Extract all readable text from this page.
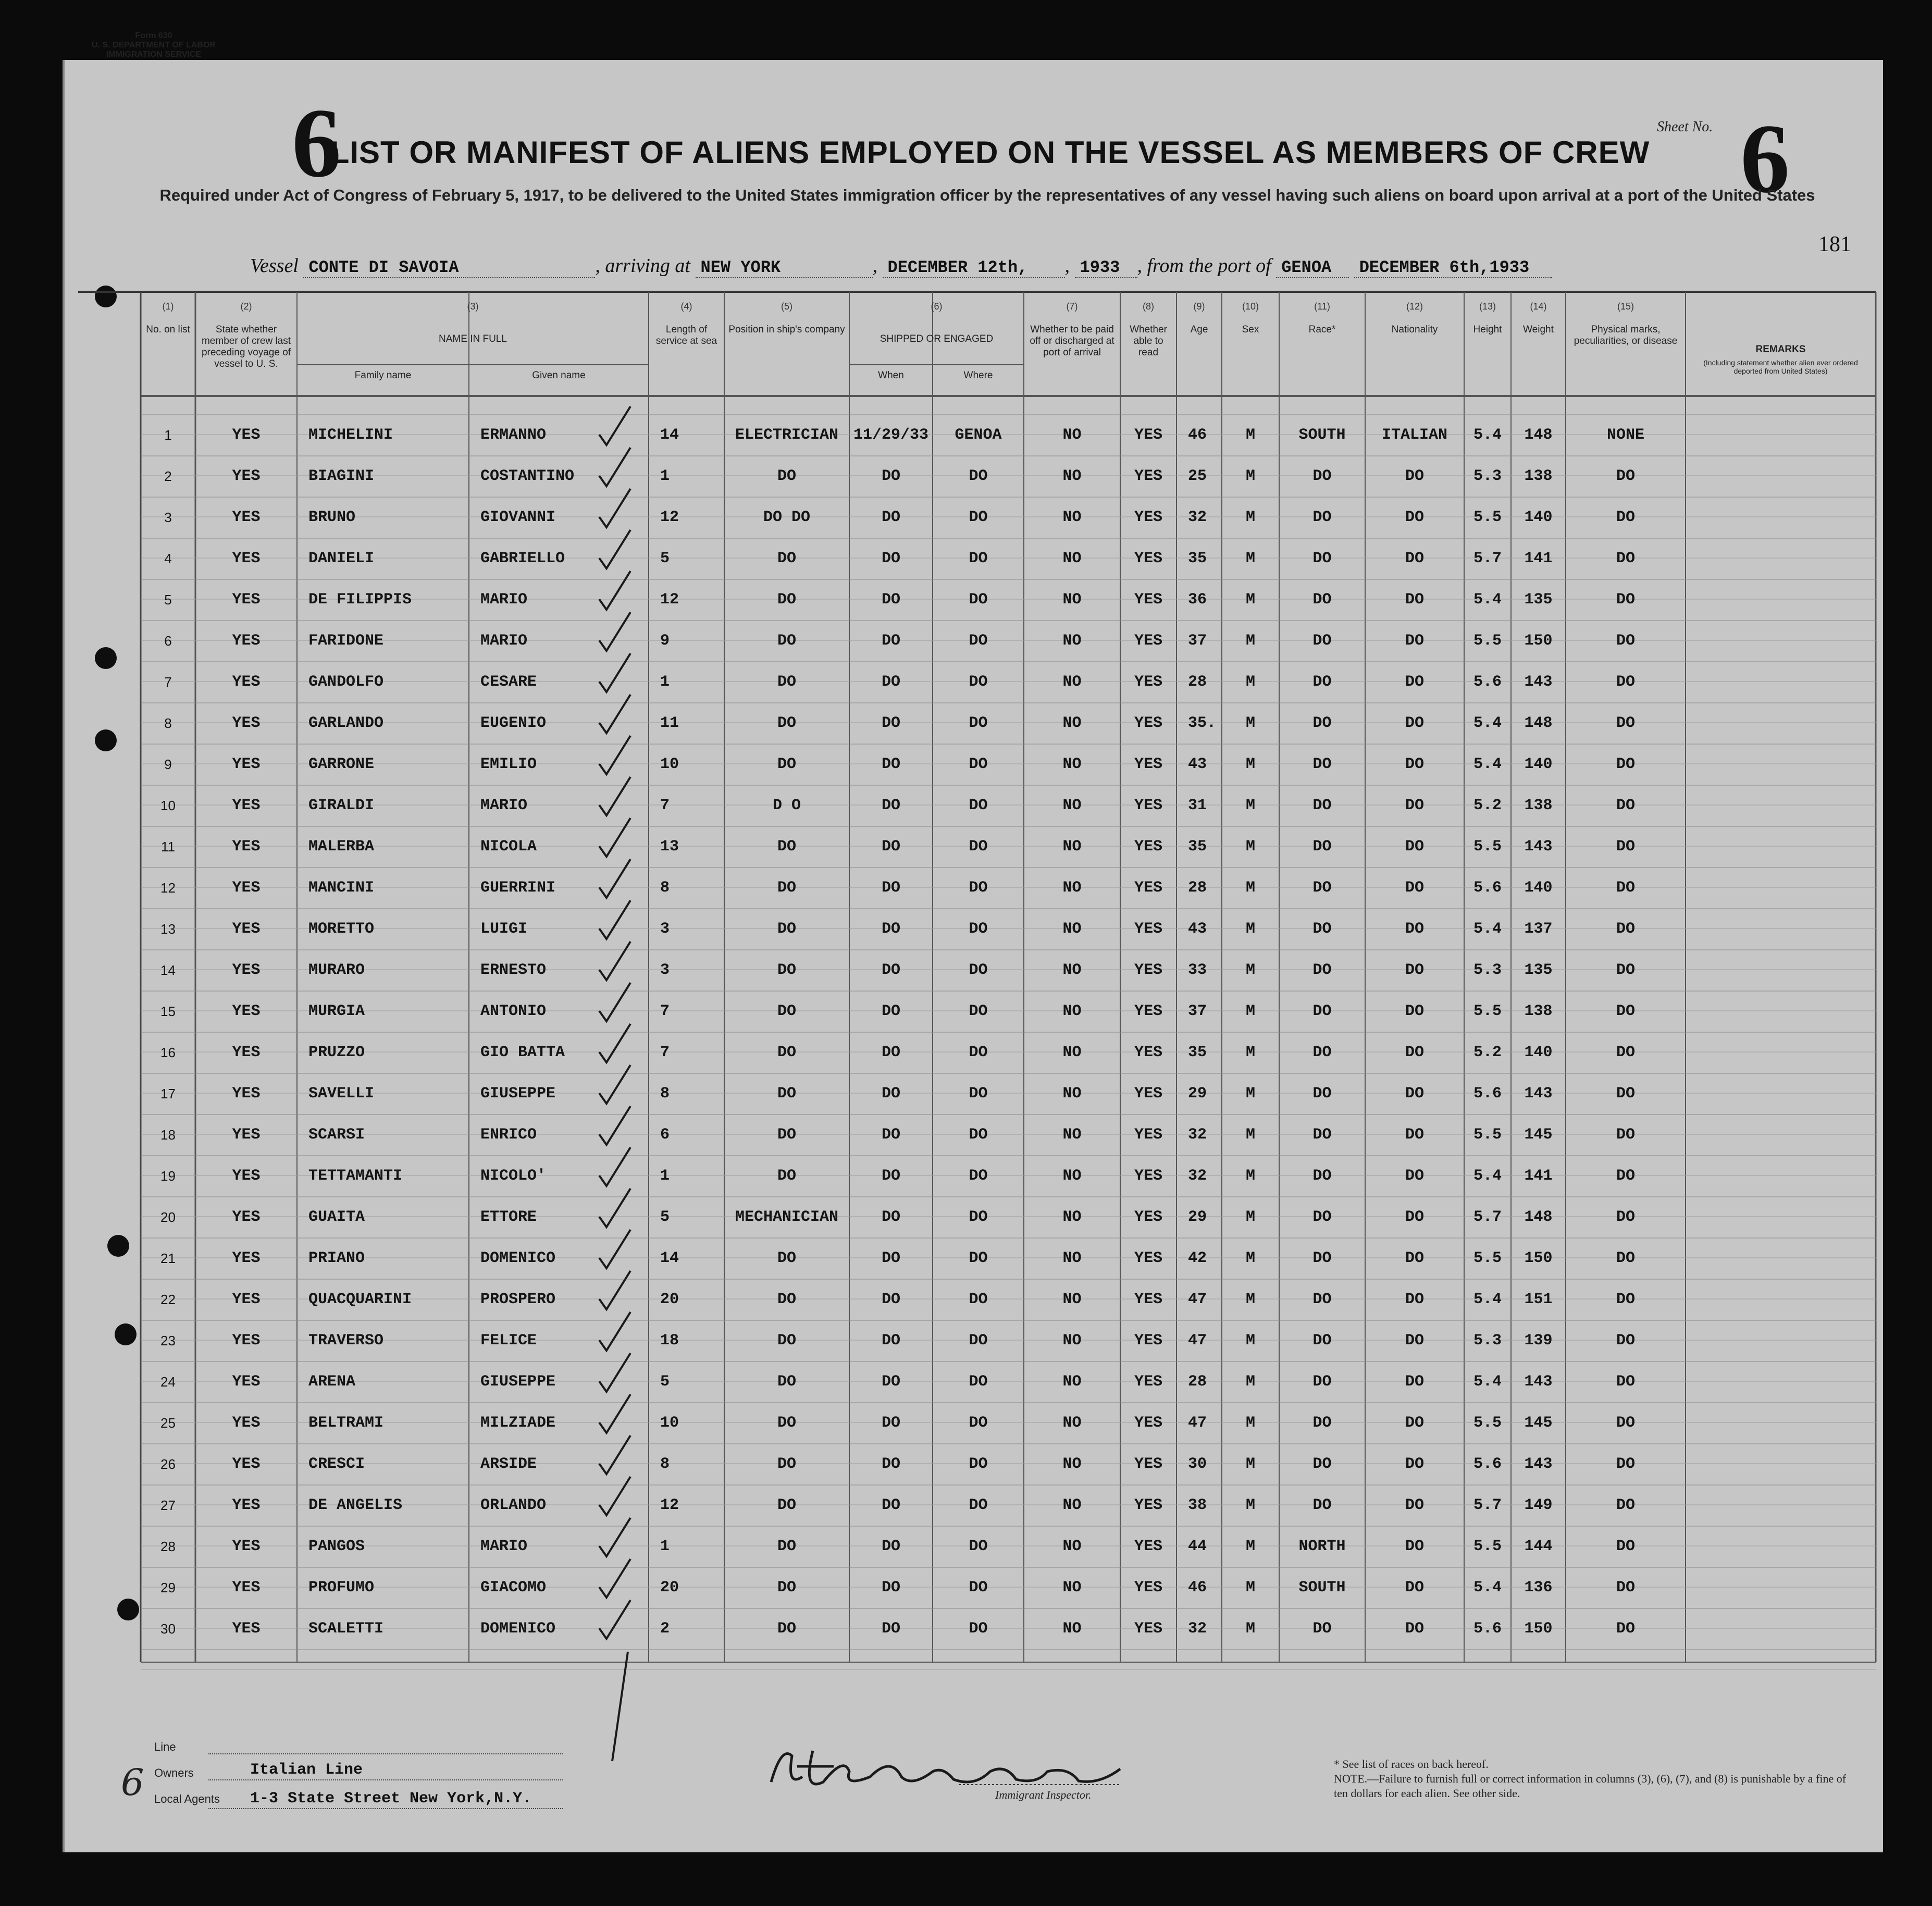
Form 630
U. S. DEPARTMENT OF LABOR
IMMIGRATION SERVICE
6	6
Sheet No.
181
LIST OR MANIFEST OF ALIENS EMPLOYED ON THE VESSEL AS MEMBERS OF CREW
Required under Act of Congress of February 5, 1917, to be delivered to the United States immigration officer by the representatives of any vessel having such aliens on board upon arrival at a port of the United States
Vessel CONTE DI SAVOIA	, arriving at NEW YORK	, DECEMBER 12th, , 1933 , from the port of GENOA DECEMBER 6th,1933
(1)
No. on list
(2)
State whether member of crew last preceding voyage of vessel to U. S.
(3)
NAME IN FULL
Family name	Given name
(4)
Length of service at sea
(5)
Position in ship's company
(6)
SHIPPED OR ENGAGED
When	Where
(7)
Whether to be paid off or discharged at port of arrival
(8)
Whether able to read
(9)
Age
(10)
Sex
(11)
Race*
(12)
Nationality
(13)
Height
(14)
Weight
(15)
Physical marks, peculiarities, or disease
REMARKS
(Including statement whether alien ever ordered deported from United States)
1	YES	MICHELINI	ERMANNO	14	ELECTRICIAN 11/29/33	GENOA	NO	YES	46	M	SOUTH	ITALIAN	5.4	148	NONE
2	YES	BIAGINI	COSTANTINO	1	DO	DO	DO	NO	YES	25	M	DO	DO	5.3	138	DO
3	YES	BRUNO	GIOVANNI	12	DO DO	DO	DO	NO	YES	32	M	DO	DO	5.5	140	DO
4	YES	DANIELI	GABRIELLO	5	DO	DO	DO	NO	YES	35	M	DO	DO	5.7	141	DO
5	YES	DE FILIPPIS	MARIO	12	DO	DO	DO	NO	YES	36	M	DO	DO	5.4	135	DO
6	YES	FARIDONE	MARIO	9	DO	DO	DO	NO	YES	37	M	DO	DO	5.5	150	DO
7	YES	GANDOLFO	CESARE	1	DO	DO	DO	NO	YES	28	M	DO	DO	5.6	143	DO
8	YES	GARLANDO	EUGENIO	11	DO	DO	DO	NO	YES	35.	M	DO	DO	5.4	148	DO
9	YES	GARRONE	EMILIO	10	DO	DO	DO	NO	YES	43	M	DO	DO	5.4	140	DO
10	YES	GIRALDI	MARIO	7	D O	DO	DO	NO	YES	31	M	DO	DO	5.2	138	DO
11	YES	MALERBA	NICOLA	13	DO	DO	DO	NO	YES	35	M	DO	DO	5.5	143	DO
12	YES	MANCINI	GUERRINI	8	DO	DO	DO	NO	YES	28	M	DO	DO	5.6	140	DO
13	YES	MORETTO	LUIGI	3	DO	DO	DO	NO	YES	43	M	DO	DO	5.4	137	DO
14	YES	MURARO	ERNESTO	3	DO	DO	DO	NO	YES	33	M	DO	DO	5.3	135	DO
15	YES	MURGIA	ANTONIO	7	DO	DO	DO	NO	YES	37	M	DO	DO	5.5	138	DO
16	YES	PRUZZO	GIO BATTA	7	DO	DO	DO	NO	YES	35	M	DO	DO	5.2	140	DO
17	YES	SAVELLI	GIUSEPPE	8	DO	DO	DO	NO	YES	29	M	DO	DO	5.6	143	DO
18	YES	SCARSI	ENRICO	6	DO	DO	DO	NO	YES	32	M	DO	DO	5.5	145	DO
19	YES	TETTAMANTI	NICOLO'	1	DO	DO	DO	NO	YES	32	M	DO	DO	5.4	141	DO
20	YES	GUAITA	ETTORE	5	MECHANICIAN	DO	DO	NO	YES	29	M	DO	DO	5.7	148	DO
21	YES	PRIANO	DOMENICO	14	DO	DO	DO	NO	YES	42	M	DO	DO	5.5	150	DO
22	YES	QUACQUARINI	PROSPERO	20	DO	DO	DO	NO	YES	47	M	DO	DO	5.4	151	DO
23	YES	TRAVERSO	FELICE	18	DO	DO	DO	NO	YES	47	M	DO	DO	5.3	139	DO
24	YES	ARENA	GIUSEPPE	5	DO	DO	DO	NO	YES	28	M	DO	DO	5.4	143	DO
25	YES	BELTRAMI	MILZIADE	10	DO	DO	DO	NO	YES	47	M	DO	DO	5.5	145	DO
26	YES	CRESCI	ARSIDE	8	DO	DO	DO	NO	YES	30	M	DO	DO	5.6	143	DO
27	YES	DE ANGELIS	ORLANDO	12	DO	DO	DO	NO	YES	38	M	DO	DO	5.7	149	DO
28	YES	PANGOS	MARIO	1	DO	DO	DO	NO	YES	44	M	NORTH	DO	5.5	144	DO
29	YES	PROFUMO	GIACOMO	20	DO	DO	DO	NO	YES	46	M	SOUTH	DO	5.4	136	DO
30	YES	SCALETTI	DOMENICO	2	DO	DO	DO	NO	YES	32	M	DO	DO	5.6	150	DO
Line
Owners	Italian Line
Local Agents 1-3 State Street New York,N.Y.
6	Immigrant Inspector.
* See list of races on back hereof.
NOTE.—Failure to furnish full or correct information in columns (3), (6), (7), and (8) is punishable by a fine of ten dollars for each alien. See other side.
